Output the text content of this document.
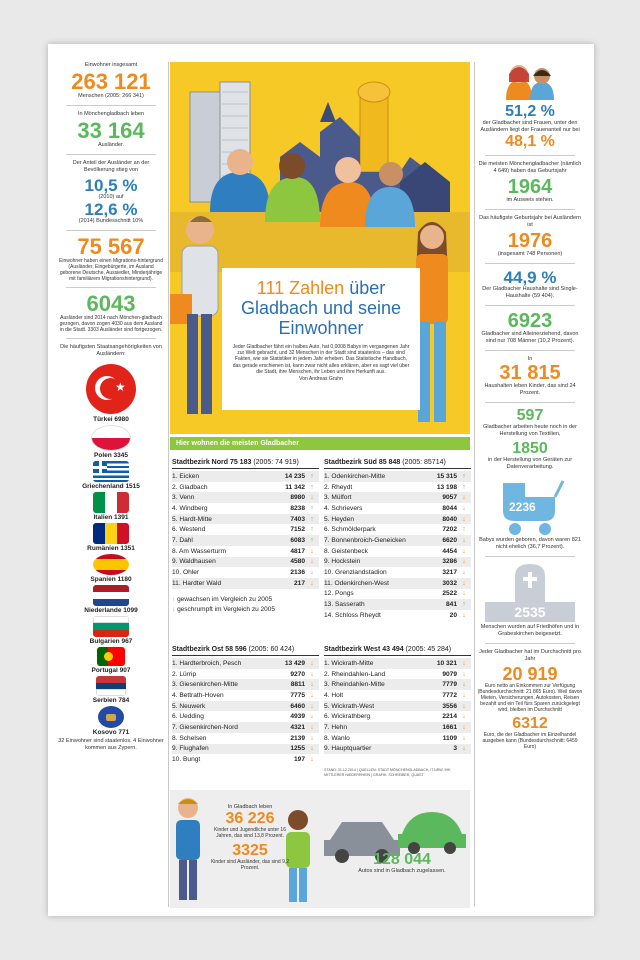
Einwohner insgesamt
263 121
Menschen (2005: 266 341)
In Mönchengladbach leben
33 164
Ausländer.
Der Anteil der Ausländer an der Bevölkerung stieg von
10,5 %
(2010) auf
12,6 %
(2014) Bundesschnitt 10%
75 567
Einwohner haben einen Migrations-hintergrund (Ausländer, Eingebürgerte, im Ausland geborene Deutsche, Aussiedler, Minderjährige mit familiärem Migrationshintergrund).
6043
Ausländer sind 2014 nach Mönchen-gladbach gezogen, davon zogen 4030 aus dem Ausland in die Stadt. 3303 Ausländer sind fortgezogen.
Die häufigsten Staatsangehörigkeiten von Ausländern:
★
Türkei 6980
Polen 3345
Griechenland 1515
Italien 1391
Rumänien 1351
Spanien 1180
Niederlande 1099
Bulgarien 967
Portugal 907
Serbien 784
Kosovo 771
32 Einwohner sind staatenlos. 4 Einwohner kommen aus Zypern.
111 Zahlen über
Gladbach und seine Einwohner
Jeder Gladbacher fährt ein halbes Auto, hat 0,0008 Babys im vergangenen Jahr zur Welt gebracht, und 32 Menschen in der Stadt sind staatenlos – das sind Fakten, wie sie Statistiker in jedem Jahr erheben. Das Statistische Handbuch, das gerade erschienen ist, kann zwar nicht alles erklären, aber es sagt viel über die Stadt, ihre Menschen, ihr Leben und ihre Herkunft aus.
Von Andreas Gruhn
Hier wohnen die meisten Gladbacher
Stadtbezirk Nord 75 183 (2005: 74 919)
1. Eicken	14 235 ↑
2. Gladbach	11 342 ↑
3. Venn	8980 ↓
4. Windberg	8238 ↑
5. Hardt-Mitte	7403 ↑
6. Westend	7152 ↑
7. Dahl	6083 ↑
8. Am Wasserturm	4817 ↓
9. Waldhausen	4580 ↓
10. Ohler	2136 ↓
11. Hardter Wald	217 ↓
↑ gewachsen im Vergleich zu 2005
↓ geschrumpft im Vergleich zu 2005
Stadtbezirk Süd 85 848 (2005: 85714)
1. Odenkirchen-Mitte	15 315 ↑
2. Rheydt	13 198 ↑
3. Mülfort	9057 ↓
4. Schrievers	8044 ↓
5. Heyden	8040 ↓
6. Schmölderpark	7202 ↑
7. Bonnenbroich-Geneicken	6620 ↓
8. Geistenbeck	4454 ↓
9. Hockstein	3286 ↓
10. Grenzlandstadion	3217 ↓
11. Odenkirchen-West	3032 ↓
12. Pongs	2522 ↓
13. Sasserath	841 ↑
14. Schloss Rheydt	20 ↓
Stadtbezirk Ost 58 596 (2005: 60 424)
1. Hardterbroich, Pesch	13 429 ↓
2. Lürrip	9270 ↓
3. Giesenkirchen-Mitte	8811 ↓
4. Bettrath-Hoven	7775 ↓
5. Neuwerk	6460 ↓
6. Uedding	4939 ↓
7. Giesenkirchen-Nord	4321 ↓
8. Schelsen	2139 ↓
9. Flughafen	1255 ↓
10. Bungt	197 ↓
Stadtbezirk West 43 494 (2005: 45 284)
1. Wickrath-Mitte	10 321 ↓
2. Rheindahlen-Land	9079 ↓
3. Rheindahlen-Mitte	7779 ↓
4. Holt	7772 ↓
5. Wickrath-West	3556 ↓
6. Wickrathberg	2214 ↓
7. Hehn	1661 ↓
8. Wanlo	1109 ↓
9. Hauptquartier	3 ↓
STAND: 31.12.2014 | QUELLEN: STADT MÖNCHENGLADBACH, IT.NRW, IHK MITTLERER NIEDERRHEIN | GRAFIK: SCHREIBER, QUAST
In Gladbach leben
36 226
Kinder und Jugendliche unter 16 Jahren, das sind 13,8 Prozent.
3325
Kinder sind Ausländer, das sind 9,2 Prozent.	128 044
Autos sind in Gladbach zugelassen.
51,2 %
der Gladbacher sind Frauen, unter den Ausländern liegt der Frauenanteil nur bei
48,1 %
Die meisten Mönchengladbacher (nämlich 4 649) haben das Geburtsjahr
1964
im Ausweis stehen.
Das häufigste Geburtsjahr bei Ausländern ist
1976
(insgesamt 748 Personen)
44,9 %
Der Gladbacher Haushalte sind Single-Haushalte (59 404).
6923
Gladbacher sind Alleinerziehend, davon sind nur 708 Männer (10,2 Prozent).
In
31 815
Haushalten leben Kinder, das sind 24 Prozent.
597
Gladbacher arbeiten heute noch in der Herstellung von Textilien,
1850
in der Herstellung von Geräten zur Datenverarbeitung.
2236
Babys wurden geboren, davon waren 821 nicht ehelich (36,7 Prozent).
2535
Menschen wurden auf Friedhöfen und in Grabeskirchen beigesetzt.
Jeder Gladbacher hat im Durchschnitt pro Jahr
20 919
Euro netto an Einkommen zur Verfügung (Bundesdurchschnitt: 21 865 Euro). Weil davon Mieten, Versicherungen, Autokosten, Reisen bezahlt und ein Teil fürs Sparen zurückgelegt wird, bleiben im Durchschnitt
6312
Euro, die der Gladbacher im Einzelhandel ausgeben kann (Bundesdurchschnitt: 6459 Euro)
